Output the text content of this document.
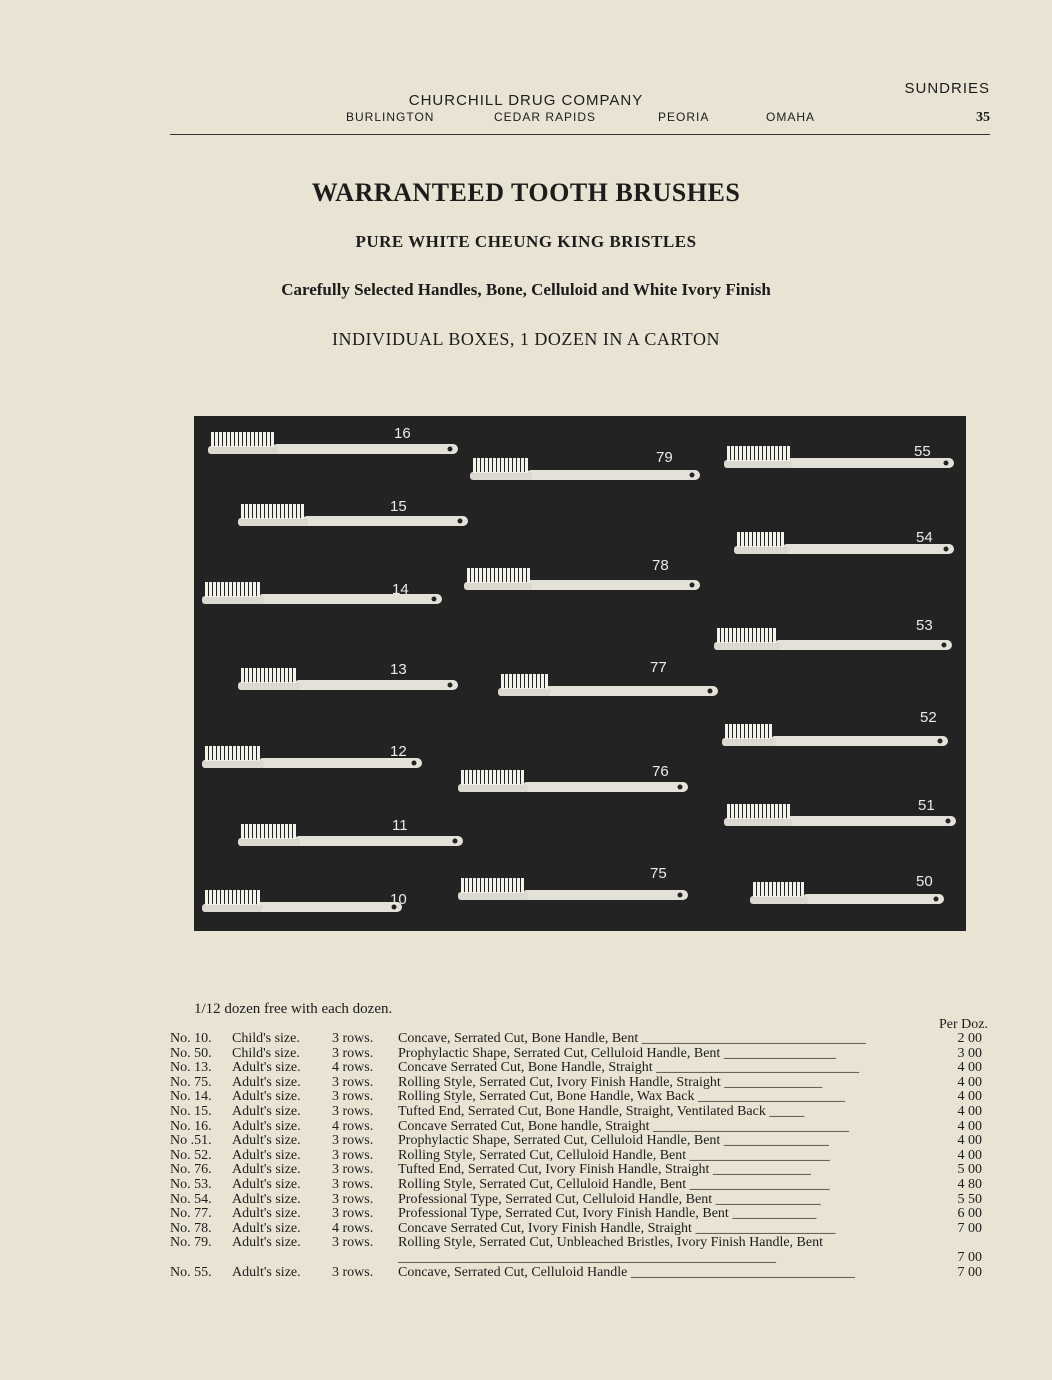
CHURCHILL DRUG COMPANY
BURLINGTON	CEDAR RAPIDS	PEORIA	OMAHA
SUNDRIES
35
WARRANTEED TOOTH BRUSHES
PURE WHITE CHEUNG KING BRISTLES
Carefully Selected Handles, Bone, Celluloid and White Ivory Finish
INDIVIDUAL BOXES, 1 DOZEN IN A CARTON
16
15
14
13
12
11
10
79
78
77
76
75
55
54
53
52
51
50
1/12 dozen free with each dozen.
Per Doz.
No. 10. Child's size. 3 rows. Concave, Serrated Cut, Bone Handle, Bent ________________________________	2 00
No. 50. Child's size. 3 rows. Prophylactic Shape, Serrated Cut, Celluloid Handle, Bent ________________	3 00
No. 13. Adult's size. 4 rows. Concave Serrated Cut, Bone Handle, Straight _____________________________	4 00
No. 75. Adult's size. 3 rows. Rolling Style, Serrated Cut, Ivory Finish Handle, Straight ______________	4 00
No. 14. Adult's size. 3 rows. Rolling Style, Serrated Cut, Bone Handle, Wax Back _____________________	4 00
No. 15. Adult's size. 3 rows. Tufted End, Serrated Cut, Bone Handle, Straight, Ventilated Back _____	4 00
No. 16. Adult's size. 4 rows. Concave Serrated Cut, Bone handle, Straight ____________________________	4 00
No .51. Adult's size. 3 rows. Prophylactic Shape, Serrated Cut, Celluloid Handle, Bent _______________	4 00
No. 52. Adult's size. 3 rows. Rolling Style, Serrated Cut, Celluloid Handle, Bent ____________________	4 00
No. 76. Adult's size. 3 rows. Tufted End, Serrated Cut, Ivory Finish Handle, Straight ______________	5 00
No. 53. Adult's size. 3 rows. Rolling Style, Serrated Cut, Celluloid Handle, Bent ____________________	4 80
No. 54. Adult's size. 3 rows. Professional Type, Serrated Cut, Celluloid Handle, Bent _______________	5 50
No. 77. Adult's size. 3 rows. Professional Type, Serrated Cut, Ivory Finish Handle, Bent ____________	6 00
No. 78. Adult's size. 4 rows. Concave Serrated Cut, Ivory Finish Handle, Straight ____________________	7 00
No. 79. Adult's size. 3 rows. Rolling Style, Serrated Cut, Unbleached Bristles, Ivory Finish Handle, Bent ______________________________________________________	7 00
No. 55. Adult's size. 3 rows. Concave, Serrated Cut, Celluloid Handle ________________________________	7 00
